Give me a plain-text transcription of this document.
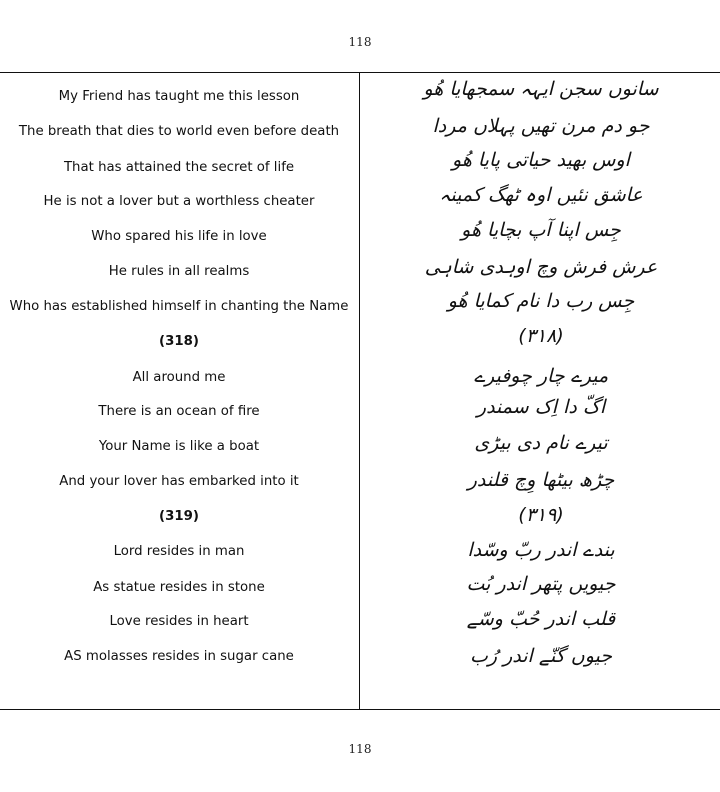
118
118
My Friend has taught me this lesson
The breath that dies to world even before death
That has attained the secret of life
He is not a lover but a worthless cheater
Who spared his life in love
He rules in all realms
Who has established himself in chanting the Name
(318)
All around me
There is an ocean of fire
Your Name is like a boat
And your lover has embarked into it
(319)
Lord resides in man
As statue resides in stone
Love resides in heart
AS molasses resides in sugar cane
سانوں سجن ایہہ سمجھایا ھُو
جو دم مرن تھیں پہلاں مردا
اوس بھید حیاتی پایا ھُو
عاشق نئیں اوہ ٹھگ کمینہ
جِس اپنا آپ بچایا ھُو
عرش فرش وچ اوہدی شاہی
جِس رب دا نام کمایا ھُو
(۳۱۸)
میرے چار چوفیرے
اگّ دا اِک سمندر
تیرے نام دی بیڑی
چڑھ بیٹھا وِچ قلندر
(۳۱۹)
بندے اندر ربّ وسّدا
جیویں پتھر اندر بُت
قلب اندر حُبّ وسّے
جیوں گنّے اندر رُب
